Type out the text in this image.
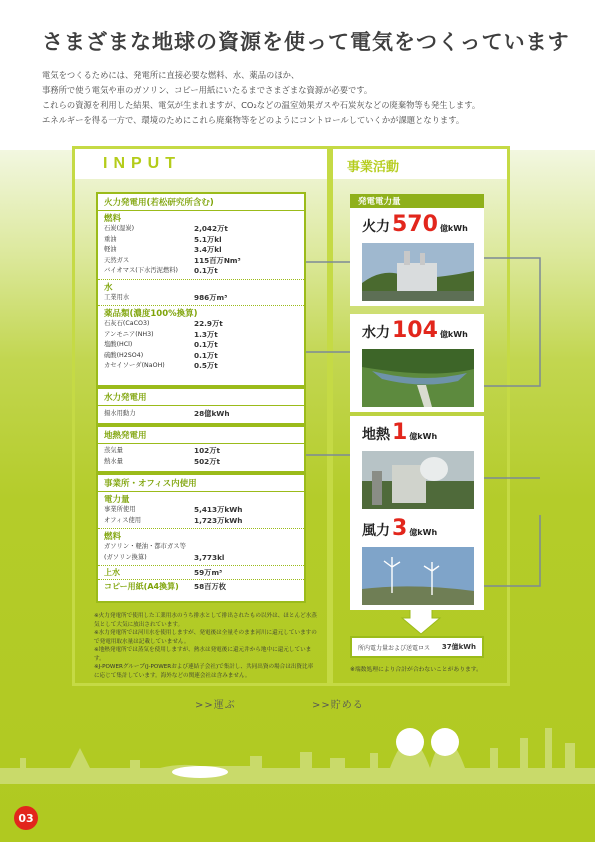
さまざまな地球の資源を使って電気をつくっています
電気をつくるためには、発電所に直接必要な燃料、水、薬品のほか、
事務所で使う電気や車のガソリン、コピー用紙にいたるまでさまざまな資源が必要です。
これらの資源を利用した結果、電気が生まれますが、CO₂などの温室効果ガスや石炭灰などの廃棄物等も発生します。
エネルギーを得る一方で、環境のためにこれら廃棄物等をどのようにコントロールしていくかが課題となります。
INPUT	事業活動
火力発電用(若松研究所含む)
燃料
石炭(湿炭)	2,042万t
重油	5.1万kl
軽油	3.4万kl
天然ガス	115百万Nm³
バイオマス(下水汚泥燃料)	0.1万t
水
工業用水	986万m³
薬品類(濃度100%換算)
石灰石(CaCO3)	22.9万t
アンモニア(NH3)	1.3万t
塩酸(HCl)	0.1万t
硫酸(H2SO4)	0.1万t
カセイソーダ(NaOH)	0.5万t
水力発電用
揚水用動力	28億kWh
地熱発電用
蒸気量	102万t
熱水量	502万t
事業所・オフィス内使用
電力量
事業所使用	5,413万kWh
オフィス使用	1,723万kWh
燃料
ガソリン・軽油・都市ガス等
(ガソリン換算)	3,773kl
上水	59万m³
コピー用紙(A4換算)	58百万枚
※火力発電所で使用した工業用水のうち排水として排出されたもの以外は、ほとんど水蒸気として大気に放出されています。
※水力発電所では河川水を使用しますが、発電後は全量そのまま河川に還元していますので発電用取水量は記載していません。
※地熱発電所では蒸気を使用しますが、熱水は発電後に還元井から地中に還元しています。
※J-POWERグループ(J-POWERおよび連結子会社)で集計し、共同出資の場合は出資比率に応じて集計しています。海外などの関連会社は含みません。
発電電力量
火力 570 億kWh
水力 104 億kWh
地熱 1 億kWh
風力 3 億kWh
所内電力量および送電ロス 37億kWh
※端数処理により合計が合わないことがあります。
>>運ぶ	>>貯める
03
